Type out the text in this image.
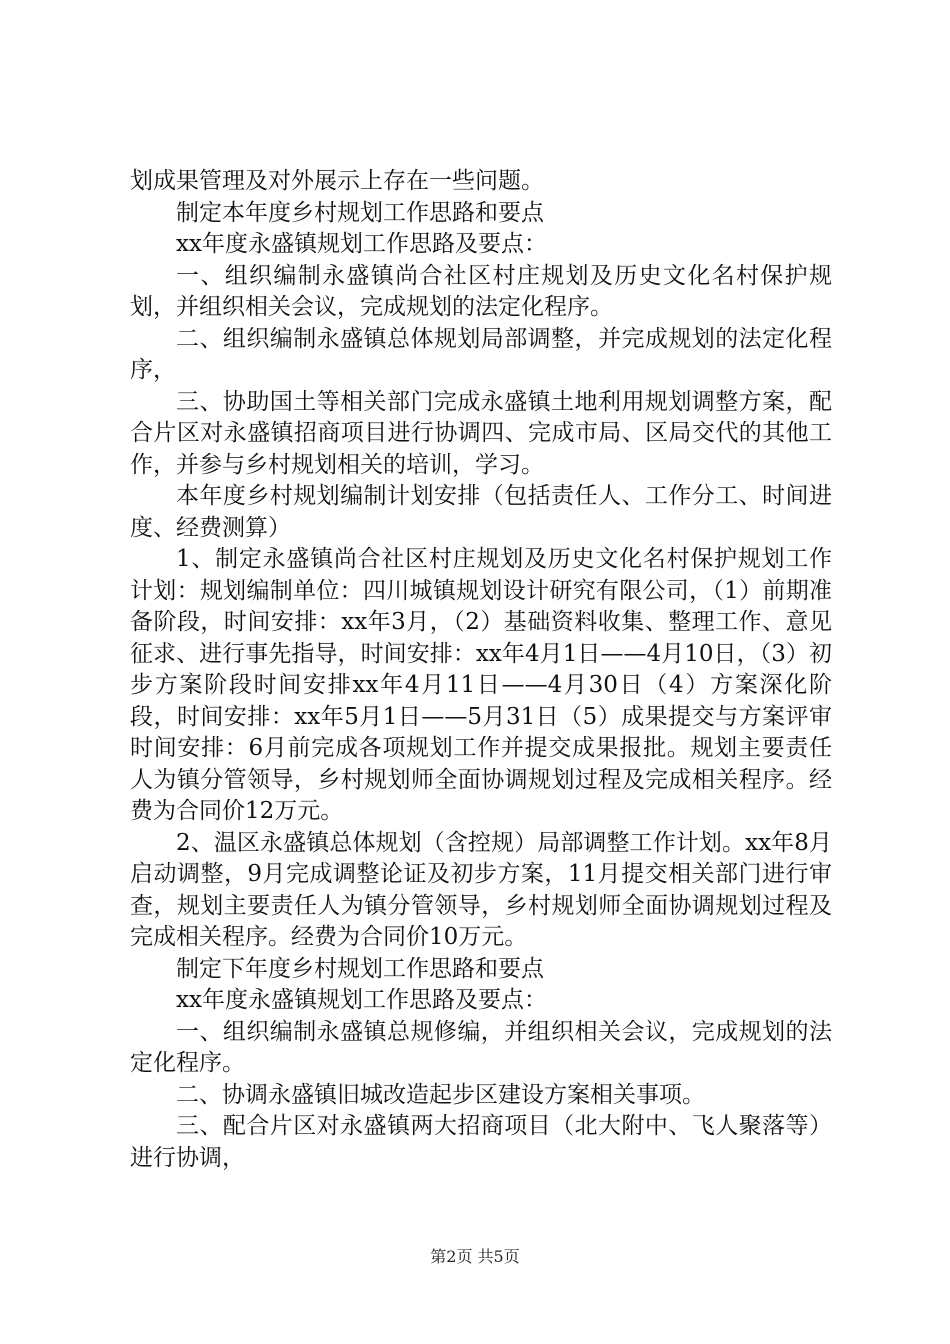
划成果管理及对外展示上存在一些问题。

制定本年度乡村规划工作思路和要点

xx年度永盛镇规划工作思路及要点：

一、组织编制永盛镇尚合社区村庄规划及历史文化名村保护规划，并组织相关会议，完成规划的法定化程序。

二、组织编制永盛镇总体规划局部调整，并完成规划的法定化程序，

三、协助国土等相关部门完成永盛镇土地利用规划调整方案，配合片区对永盛镇招商项目进行协调四、完成市局、区局交代的其他工作，并参与乡村规划相关的培训，学习。

本年度乡村规划编制计划安排（包括责任人、工作分工、时间进度、经费测算）

1、制定永盛镇尚合社区村庄规划及历史文化名村保护规划工作计划：规划编制单位：四川城镇规划设计研究有限公司，（1）前期准备阶段，时间安排：xx年3月，（2）基础资料收集、整理工作、意见征求、进行事先指导，时间安排：xx年4月1日——4月10日，（3）初步方案阶段时间安排xx年4月11日——4月30日（4）方案深化阶段，时间安排：xx年5月1日——5月31日（5）成果提交与方案评审时间安排：6月前完成各项规划工作并提交成果报批。规划主要责任人为镇分管领导，乡村规划师全面协调规划过程及完成相关程序。经费为合同价12万元。

2、温区永盛镇总体规划（含控规）局部调整工作计划。xx年8月启动调整，9月完成调整论证及初步方案，11月提交相关部门进行审查，规划主要责任人为镇分管领导，乡村规划师全面协调规划过程及完成相关程序。经费为合同价10万元。

制定下年度乡村规划工作思路和要点

xx年度永盛镇规划工作思路及要点：

一、组织编制永盛镇总规修编，并组织相关会议，完成规划的法定化程序。

二、协调永盛镇旧城改造起步区建设方案相关事项。

三、配合片区对永盛镇两大招商项目（北大附中、飞人聚落等）进行协调，

第2页 共5页
